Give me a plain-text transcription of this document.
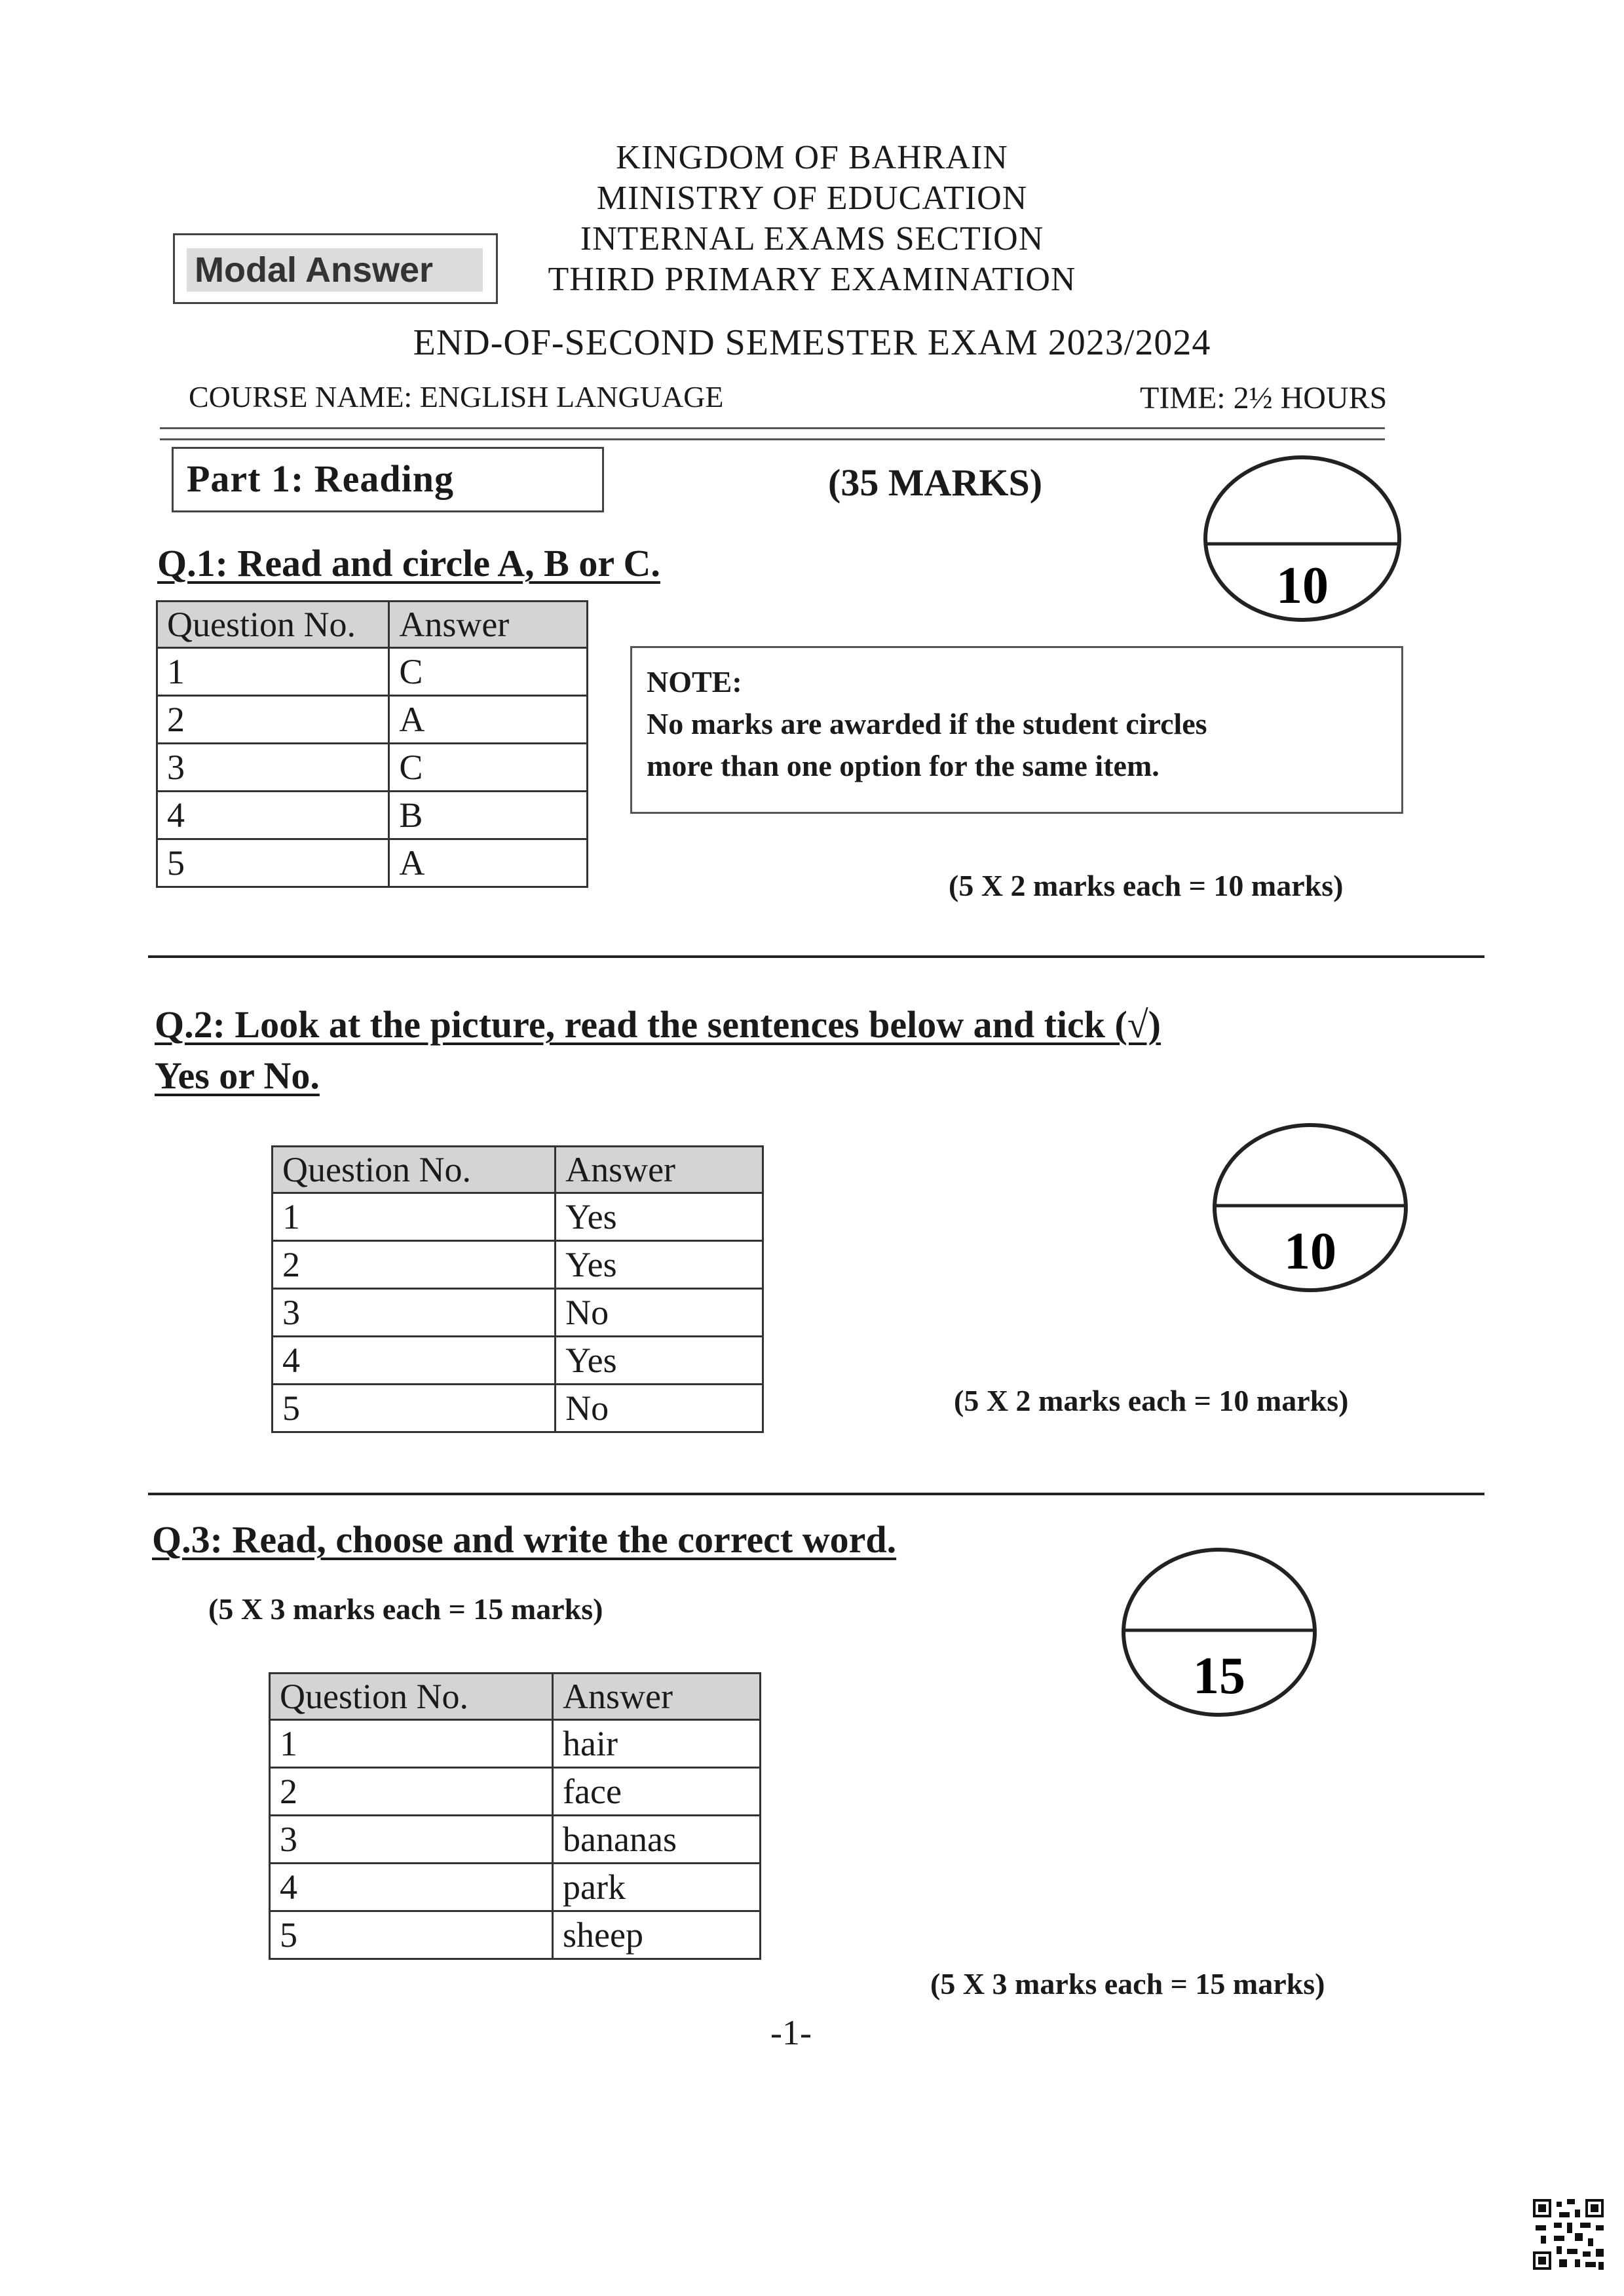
KINGDOM OF BAHRAIN
MINISTRY OF EDUCATION
INTERNAL EXAMS SECTION
THIRD PRIMARY EXAMINATION
Modal Answer
END-OF-SECOND SEMESTER EXAM 2023/2024
COURSE NAME: ENGLISH LANGUAGE	TIME: 2½ HOURS
Part 1: Reading	(35 MARKS)
10
Q.1: Read and circle A, B or C.
Question No.	Answer
1	C
2	A
3	C
4	B
5	A
NOTE:
No marks are awarded if the student circles
more than one option for the same item.
(5 X 2 marks each = 10 marks)
Q.2: Look at the picture, read the sentences below and tick (√)
Yes or No.
Question No.	Answer
1	Yes
2	Yes
3	No
4	Yes
5	No
10
(5 X 2 marks each = 10 marks)
Q.3: Read, choose and write the correct word.
(5 X 3 marks each = 15 marks)
15
Question No.	Answer
1	hair
2	face
3	bananas
4	park
5	sheep
(5 X 3 marks each = 15 marks)
-1-
